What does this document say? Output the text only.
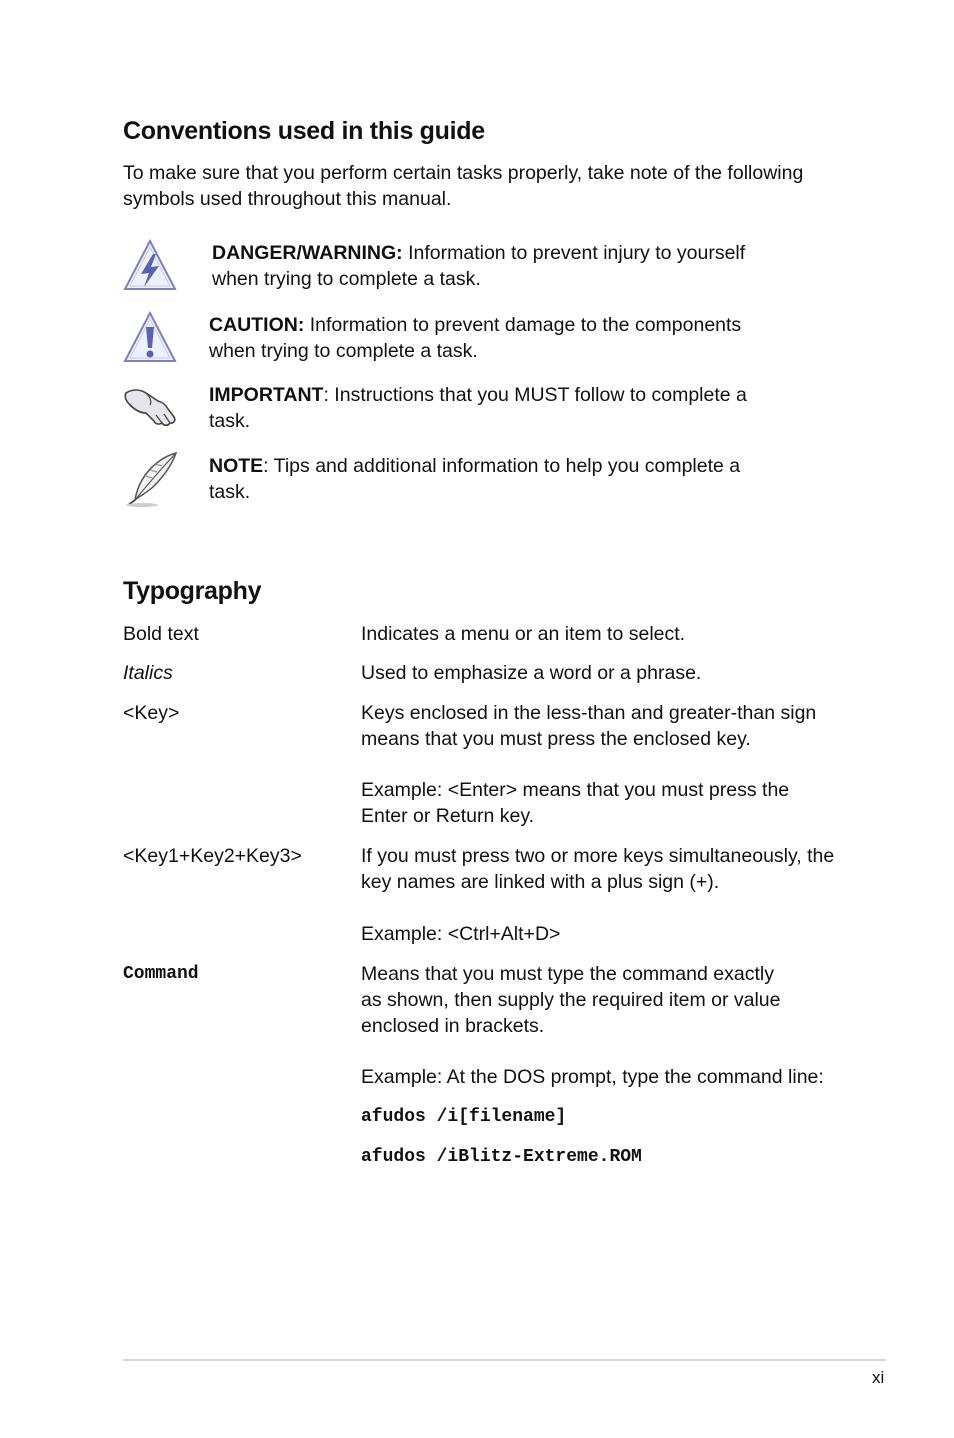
Conventions used in this guide
To make sure that you perform certain tasks properly, take note of the following
symbols used throughout this manual.
DANGER/WARNING: Information to prevent injury to yourself
when trying to complete a task.
CAUTION: Information to prevent damage to the components
when trying to complete a task.
IMPORTANT: Instructions that you MUST follow to complete a
task.
NOTE: Tips and additional information to help you complete a
task.
Typography
Bold text	Indicates a menu or an item to select.
Italics	Used to emphasize a word or a phrase.
<Key>	Keys enclosed in the less-than and greater-than sign
means that you must press the enclosed key.
Example: <Enter> means that you must press the
Enter or Return key.
<Key1+Key2+Key3>	If you must press two or more keys simultaneously, the
key names are linked with a plus sign (+).
Example: <Ctrl+Alt+D>
Command	Means that you must type the command exactly
as shown, then supply the required item or value
enclosed in brackets.
Example: At the DOS prompt, type the command line:
afudos /i[filename]
afudos /iBlitz-Extreme.ROM
xi
